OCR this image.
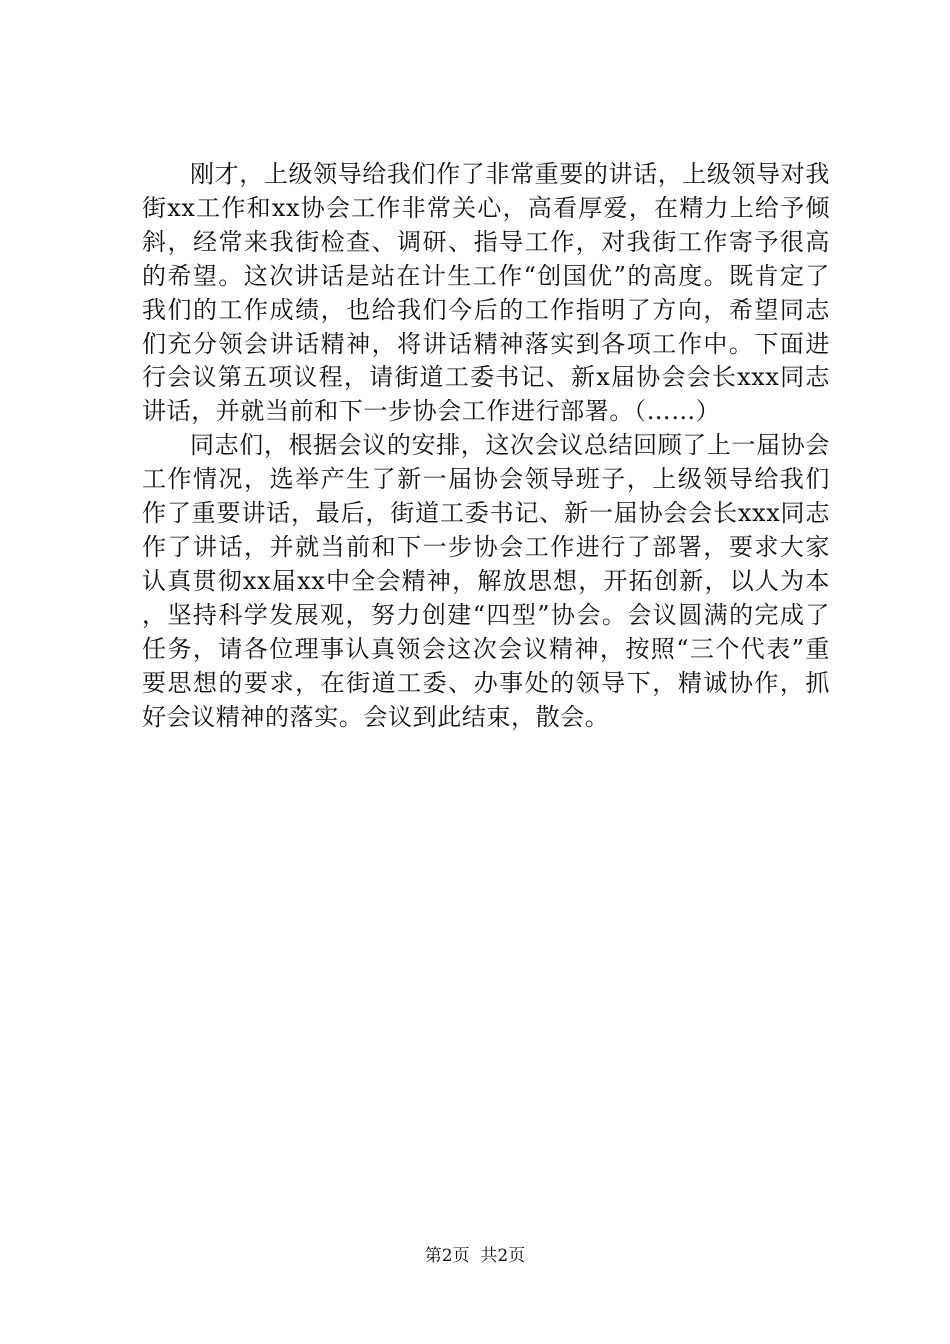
刚才，上级领导给我们作了非常重要的讲话，上级领导对我街xx工作和xx协会工作非常关心，高看厚爱，在精力上给予倾斜，经常来我街检查、调研、指导工作，对我街工作寄予很高的希望。这次讲话是站在计生工作“创国优”的高度。既肯定了我们的工作成绩，也给我们今后的工作指明了方向，希望同志们充分领会讲话精神，将讲话精神落实到各项工作中。下面进行会议第五项议程，请街道工委书记、新x届协会会长xxx同志讲话，并就当前和下一步协会工作进行部署。（……）

同志们，根据会议的安排，这次会议总结回顾了上一届协会工作情况，选举产生了新一届协会领导班子，上级领导给我们作了重要讲话，最后，街道工委书记、新一届协会会长xxx同志作了讲话，并就当前和下一步协会工作进行了部署，要求大家认真贯彻xx届xx中全会精神，解放思想，开拓创新，以人为本，坚持科学发展观，努力创建“四型”协会。会议圆满的完成了任务，请各位理事认真领会这次会议精神，按照“三个代表”重要思想的要求，在街道工委、办事处的领导下，精诚协作，抓好会议精神的落实。会议到此结束，散会。

第2页  共2页
